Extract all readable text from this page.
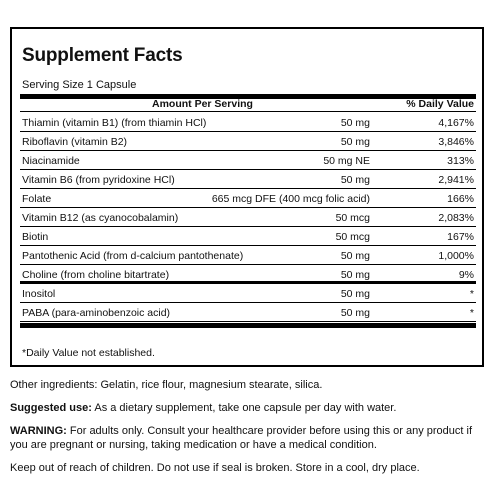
Supplement Facts
Serving Size 1 Capsule
Amount Per Serving	% Daily Value
Thiamin (vitamin B1) (from thiamin HCl)	50 mg	4,167%
Riboflavin (vitamin B2)	50 mg	3,846%
Niacinamide	50 mg NE	313%
Vitamin B6 (from pyridoxine HCl)	50 mg	2,941%
Folate	665 mcg DFE (400 mcg folic acid)	166%
Vitamin B12 (as cyanocobalamin)	50 mcg	2,083%
Biotin	50 mcg	167%
Pantothenic Acid (from d-calcium pantothenate)	50 mg	1,000%
Choline (from choline bitartrate)	50 mg	9%
Inositol	50 mg	*
PABA (para-aminobenzoic acid)	50 mg	*
*Daily Value not established.
Other ingredients: Gelatin, rice flour, magnesium stearate, silica.
Suggested use: As a dietary supplement, take one capsule per day with water.
WARNING: For adults only. Consult your healthcare provider before using this or any product if you are pregnant or nursing, taking medication or have a medical condition.
Keep out of reach of children. Do not use if seal is broken. Store in a cool, dry place.
